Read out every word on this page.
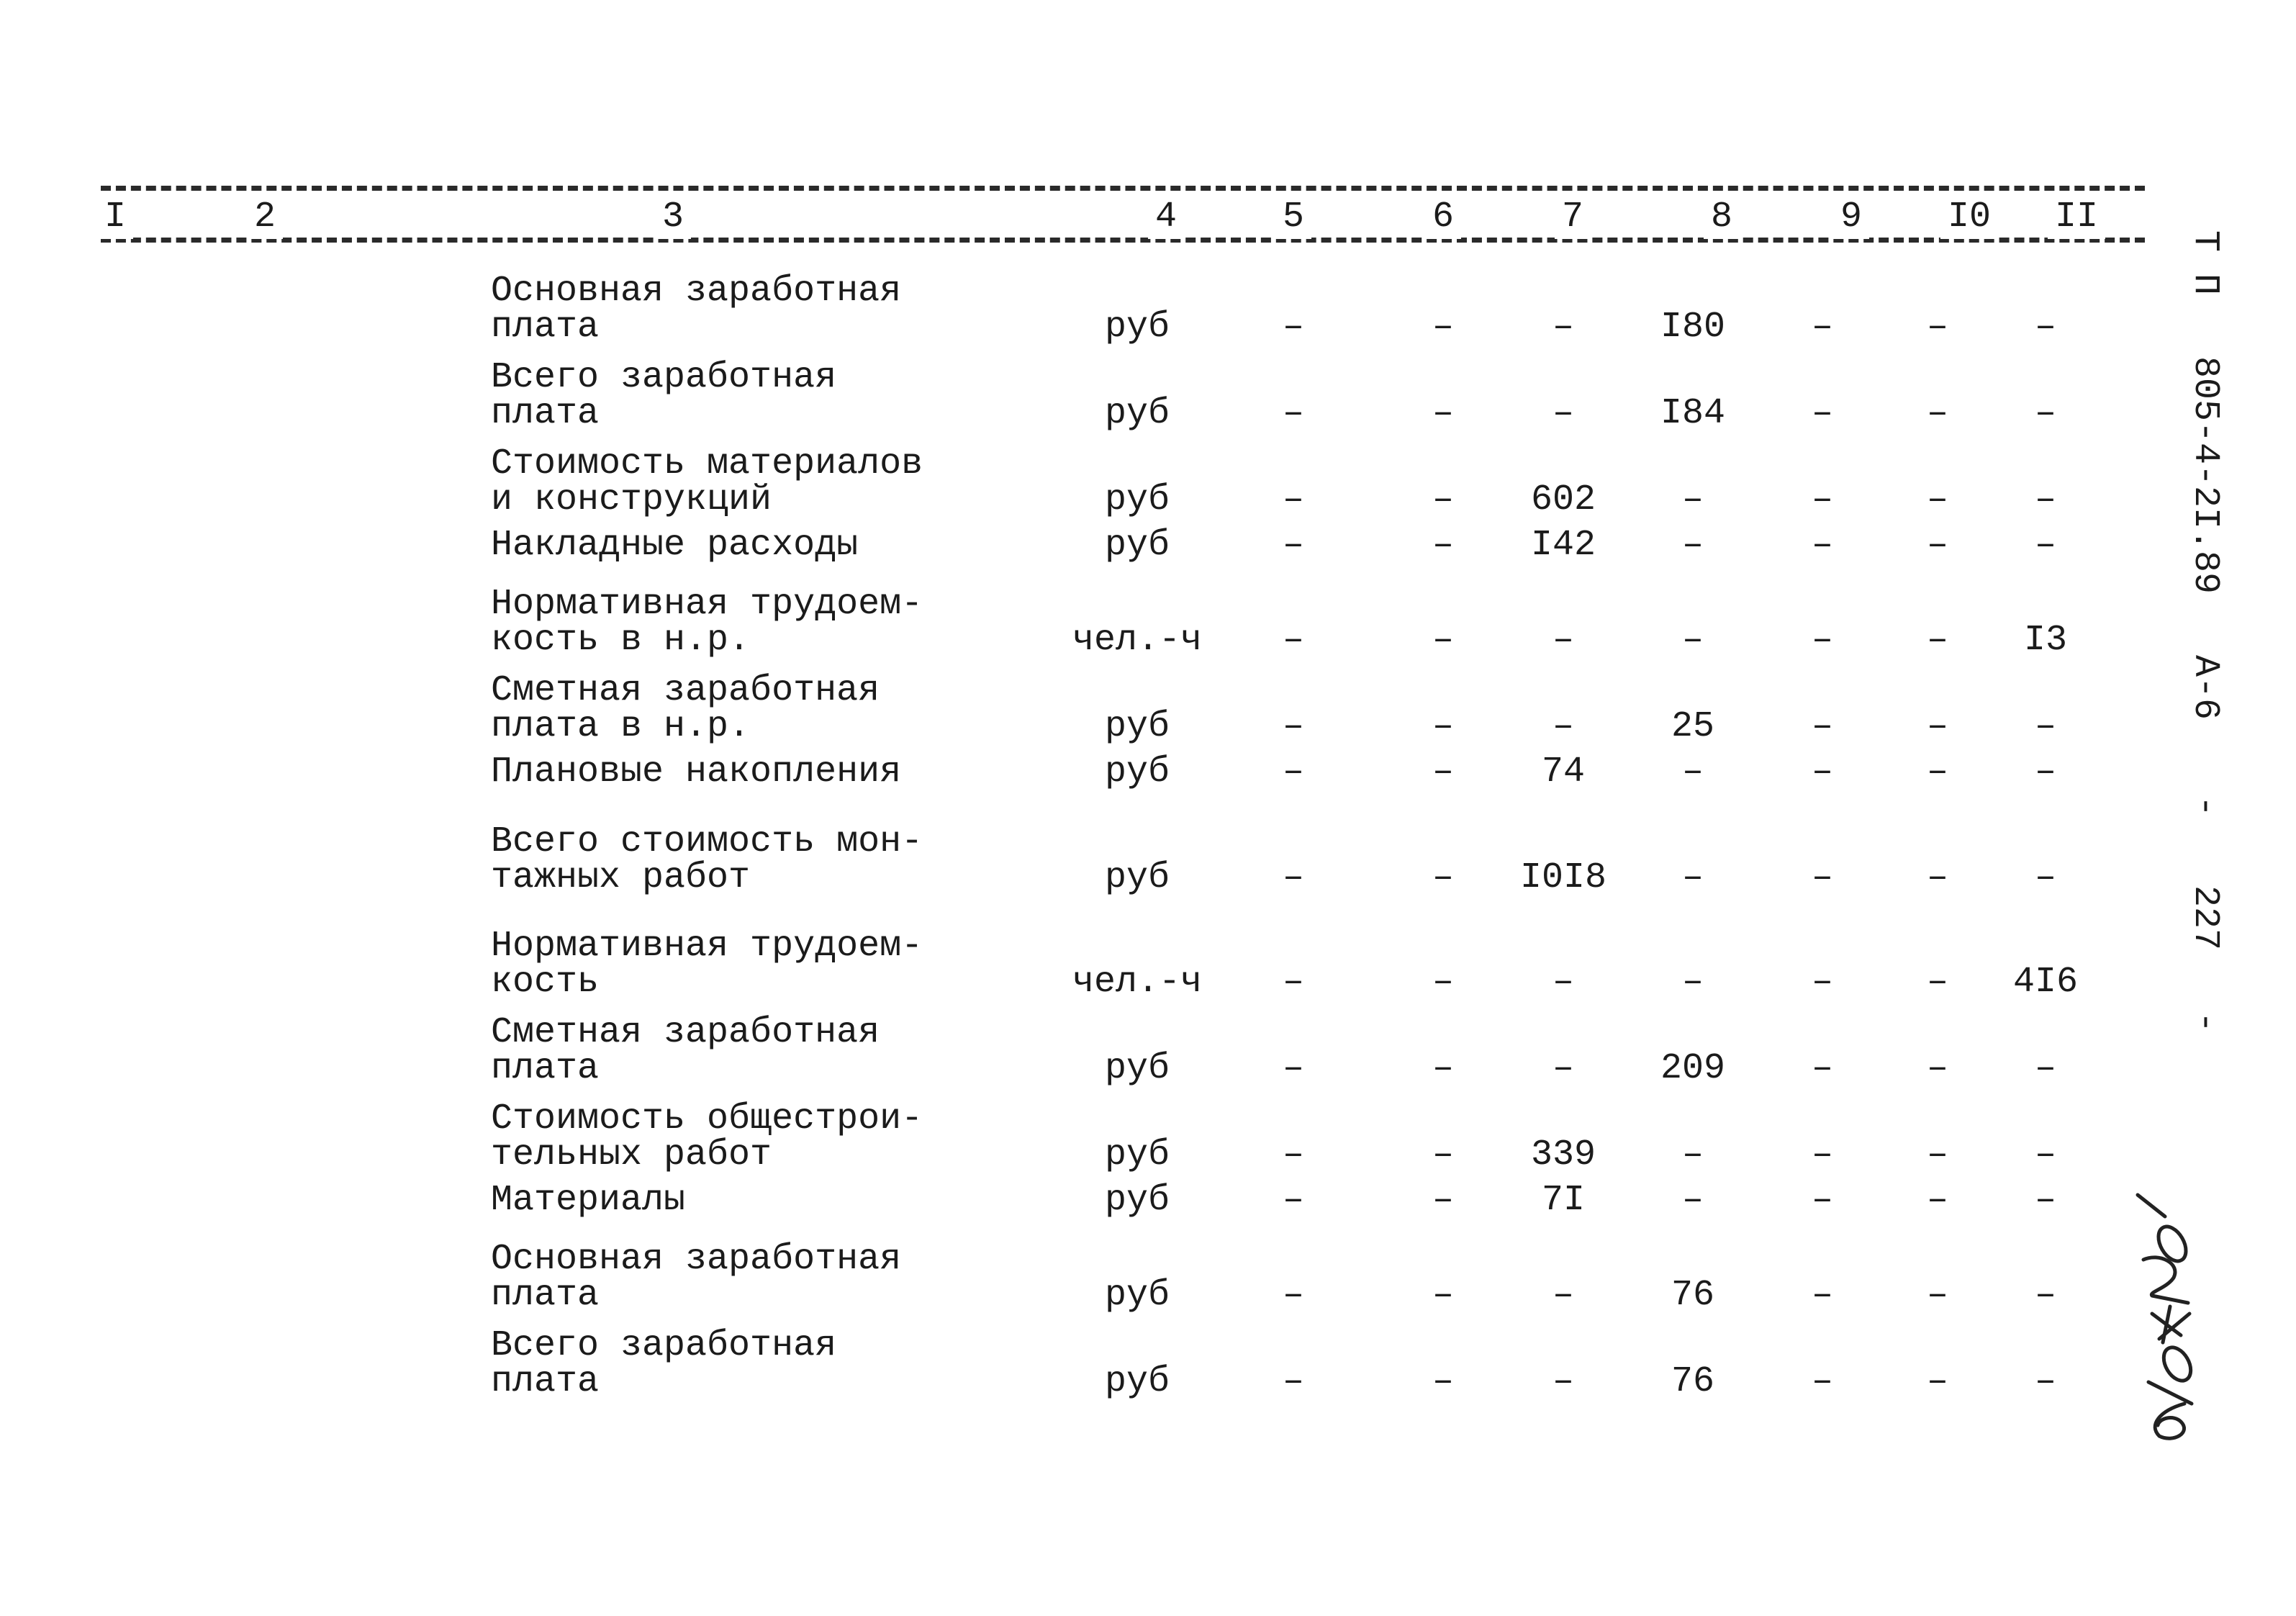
I	2	3	4	5	6	7	8	9 I0 II
Основная заработная
плата	руб	–	–	– I80 –	– –
Всего заработная
плата	руб	–	–	– I84 –	– –
Стоимость материалов
и конструкций	руб	–	– 602 –	–	– –
Накладные расходы	руб	–	– I42 –	–	– –
Нормативная трудоем-
кость в н.р.	чел.-ч –	–	–	–	–	– I3
Сметная заработная
плата в н.р.	руб	–	–	–	25	–	– –
Плановые накопления	руб	–	– 74	–	–	– –
Всего стоимость мон-
тажных работ	руб	–	– I0I8 –	–	– –
Нормативная трудоем-
кость	чел.-ч –	–	–	–	–	– 4I6
Сметная заработная
плата	руб	–	–	– 209 –	– –
Стоимость общестрои-
тельных работ	руб	–	– 339 –	–	– –
Материалы	руб	–	– 7I	–	–	– –
Основная заработная
плата	руб	–	–	–	76	–	– –
Всего заработная
плата	руб	–	–	–	76	–	– –
Т П
805-4-2I.89
А-6
-
227
-
